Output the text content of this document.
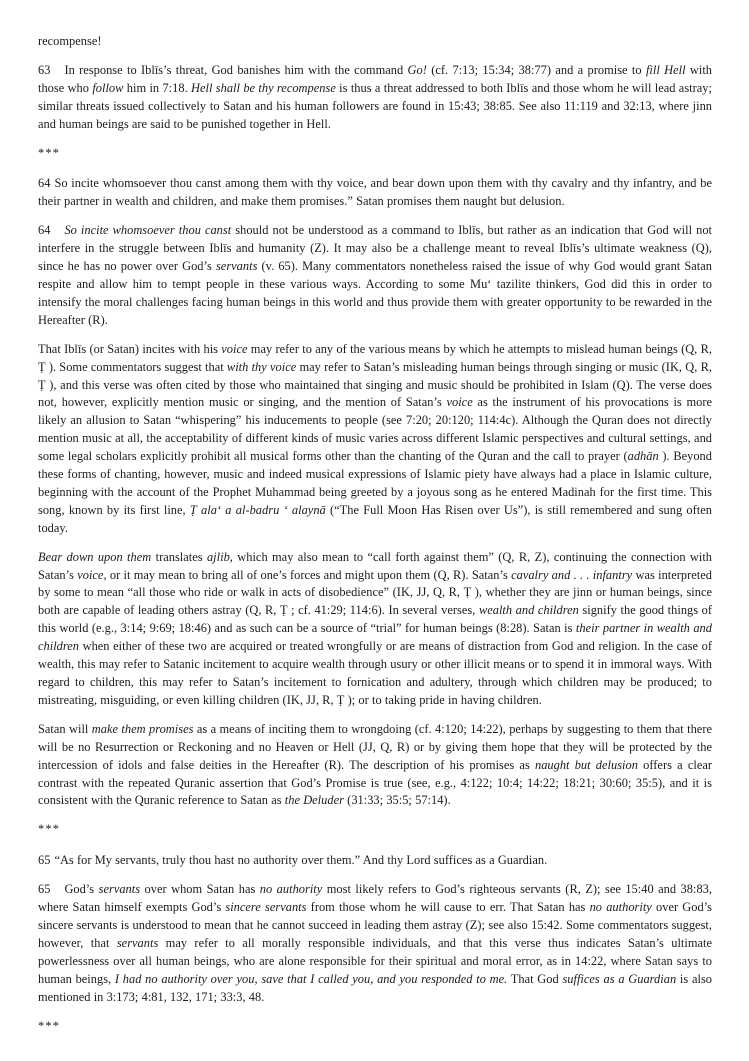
recompense!

63 In response to Iblīs’s threat, God banishes him with the command Go! (cf. 7:13; 15:34; 38:77) and a promise to fill Hell with those who follow him in 7:18. Hell shall be thy recompense is thus a threat addressed to both Iblīs and those whom he will lead astray; similar threats issued collectively to Satan and his human followers are found in 15:43; 38:85. See also 11:119 and 32:13, where jinn and human beings are said to be punished together in Hell.

***

64 So incite whomsoever thou canst among them with thy voice, and bear down upon them with thy cavalry and thy infantry, and be their partner in wealth and children, and make them promises.” Satan promises them naught but delusion.

64 So incite whomsoever thou canst should not be understood as a command to Iblīs, but rather as an indication that God will not interfere in the struggle between Iblīs and humanity (Z). It may also be a challenge meant to reveal Iblīs’s ultimate weakness (Q), since he has no power over God’s servants (v. 65). Many commentators nonetheless raised the issue of why God would grant Satan respite and allow him to tempt people in these various ways. According to some Mu‘ tazilite thinkers, God did this in order to intensify the moral challenges facing human beings in this world and thus provide them with greater opportunity to be rewarded in the Hereafter (R).

That Iblīs (or Satan) incites with his voice may refer to any of the various means by which he attempts to mislead human beings (Q, R, Ṭ ). Some commentators suggest that with thy voice may refer to Satan’s misleading human beings through singing or music (IK, Q, R, Ṭ ), and this verse was often cited by those who maintained that singing and music should be prohibited in Islam (Q). The verse does not, however, explicitly mention music or singing, and the mention of Satan’s voice as the instrument of his provocations is more likely an allusion to Satan “whispering” his inducements to people (see 7:20; 20:120; 114:4c). Although the Quran does not directly mention music at all, the acceptability of different kinds of music varies across different Islamic perspectives and cultural settings, and some legal scholars explicitly prohibit all musical forms other than the chanting of the Quran and the call to prayer (adhān ). Beyond these forms of chanting, however, music and indeed musical expressions of Islamic piety have always had a place in Islamic culture, beginning with the account of the Prophet Muhammad being greeted by a joyous song as he entered Madinah for the first time. This song, known by its first line, Ṭ ala‘ a al-badru ‘ alaynā (“The Full Moon Has Risen over Us”), is still remembered and sung often today.

Bear down upon them translates ajlib, which may also mean to “call forth against them” (Q, R, Z), continuing the connection with Satan’s voice, or it may mean to bring all of one’s forces and might upon them (Q, R). Satan’s cavalry and . . . infantry was interpreted by some to mean “all those who ride or walk in acts of disobedience” (IK, JJ, Q, R, Ṭ ), whether they are jinn or human beings, since both are capable of leading others astray (Q, R, Ṭ ; cf. 41:29; 114:6). In several verses, wealth and children signify the good things of this world (e.g., 3:14; 9:69; 18:46) and as such can be a source of “trial” for human beings (8:28). Satan is their partner in wealth and children when either of these two are acquired or treated wrongfully or are means of distraction from God and religion. In the case of wealth, this may refer to Satanic incitement to acquire wealth through usury or other illicit means or to spend it in immoral ways. With regard to children, this may refer to Satan’s incitement to fornication and adultery, through which children may be produced; to mistreating, misguiding, or even killing children (IK, JJ, R, Ṭ ); or to taking pride in having children.

Satan will make them promises as a means of inciting them to wrongdoing (cf. 4:120; 14:22), perhaps by suggesting to them that there will be no Resurrection or Reckoning and no Heaven or Hell (JJ, Q, R) or by giving them hope that they will be protected by the intercession of idols and false deities in the Hereafter (R). The description of his promises as naught but delusion offers a clear contrast with the repeated Quranic assertion that God’s Promise is true (see, e.g., 4:122; 10:4; 14:22; 18:21; 30:60; 35:5), and it is consistent with the Quranic reference to Satan as the Deluder (31:33; 35:5; 57:14).

***

65 “As for My servants, truly thou hast no authority over them.” And thy Lord suffices as a Guardian.

65 God’s servants over whom Satan has no authority most likely refers to God’s righteous servants (R, Z); see 15:40 and 38:83, where Satan himself exempts God’s sincere servants from those whom he will cause to err. That Satan has no authority over God’s sincere servants is understood to mean that he cannot succeed in leading them astray (Z); see also 15:42. Some commentators suggest, however, that servants may refer to all morally responsible individuals, and that this verse thus indicates Satan’s ultimate powerlessness over all human beings, who are alone responsible for their spiritual and moral error, as in 14:22, where Satan says to human beings, I had no authority over you, save that I called you, and you responded to me. That God suffices as a Guardian is also mentioned in 3:173; 4:81, 132, 171; 33:3, 48.

***
